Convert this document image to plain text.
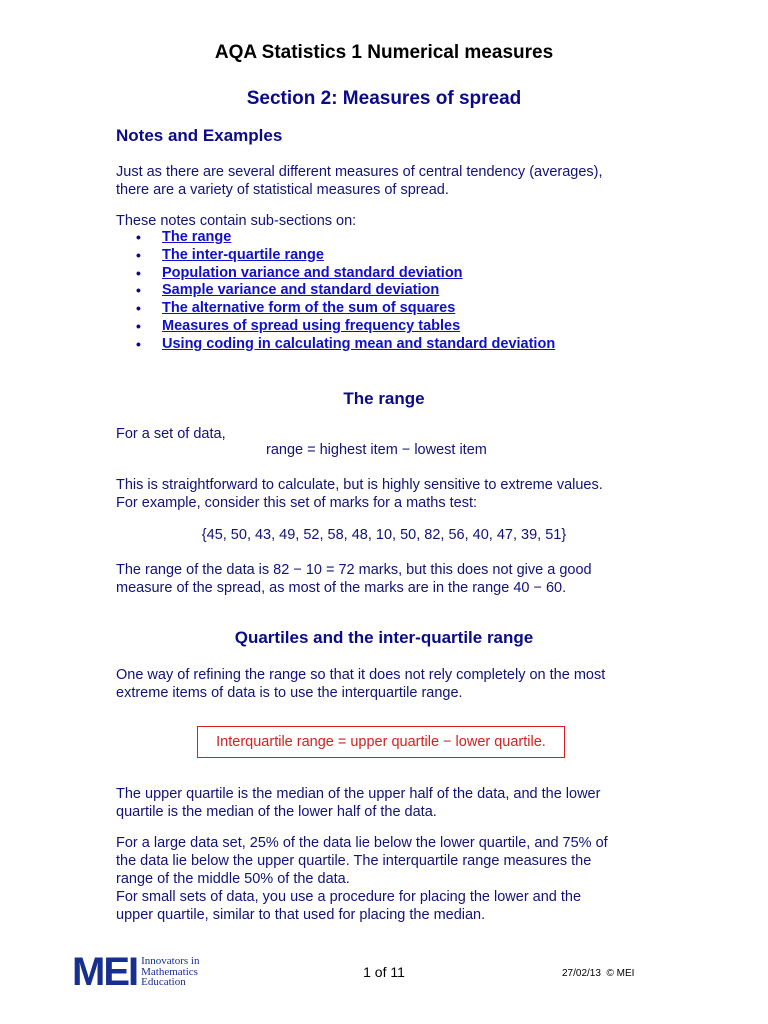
AQA Statistics 1 Numerical measures
Section 2: Measures of spread
Notes and Examples
Just as there are several different measures of central tendency (averages),
there are a variety of statistical measures of spread.
These notes contain sub-sections on:
• The range
• The inter-quartile range
• Population variance and standard deviation
• Sample variance and standard deviation
• The alternative form of the sum of squares
• Measures of spread using frequency tables
• Using coding in calculating mean and standard deviation
The range
For a set of data,
range = highest item − lowest item
This is straightforward to calculate, but is highly sensitive to extreme values.
For example, consider this set of marks for a maths test:
{45, 50, 43, 49, 52, 58, 48, 10, 50, 82, 56, 40, 47, 39, 51}
The range of the data is 82 − 10 = 72 marks, but this does not give a good
measure of the spread, as most of the marks are in the range 40 − 60.
Quartiles and the inter-quartile range
One way of refining the range so that it does not rely completely on the most
extreme items of data is to use the interquartile range.
Interquartile range = upper quartile − lower quartile.
The upper quartile is the median of the upper half of the data, and the lower
quartile is the median of the lower half of the data.
For a large data set, 25% of the data lie below the lower quartile, and 75% of
the data lie below the upper quartile. The interquartile range measures the
range of the middle 50% of the data.
For small sets of data, you use a procedure for placing the lower and the
upper quartile, similar to that used for placing the median.
MEI Innovators in
Mathematics
Education
1 of 11	27/02/13 © MEI
